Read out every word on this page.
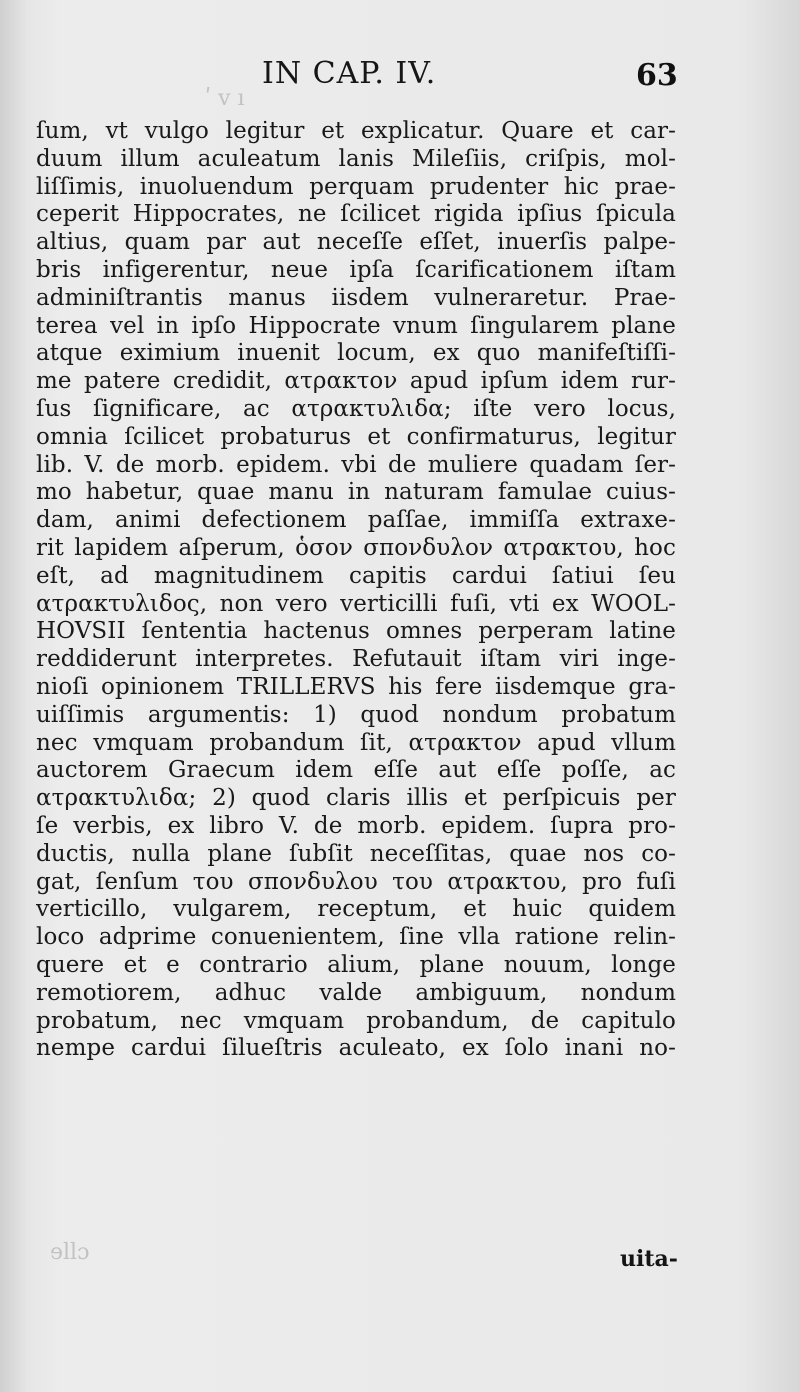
ʹ v ı
ɘllɔ
IN CAP. IV.	63
ſum, vt vulgo legitur et explicatur. Quare et car-
duum illum aculeatum lanis Mileſiis, criſpis, mol-
liſſimis, inuoluendum perquam prudenter hic prae-
ceperit Hippocrates, ne ſcilicet rigida ipſius ſpicula
altius, quam par aut neceſſe eſſet, inuerſis palpe-
bris infigerentur, neue ipſa ſcarificationem iſtam
adminiſtrantis manus iisdem vulneraretur. Prae-
terea vel in ipſo Hippocrate vnum ſingularem plane
atque eximium inuenit locum, ex quo manifeſtiſſi-
me patere credidit, ατρακτον apud ipſum idem rur-
ſus ſignificare, ac ατρακτυλιδα; iſte vero locus,
omnia ſcilicet probaturus et confirmaturus, legitur
lib. V. de morb. epidem. vbi de muliere quadam ſer-
mo habetur, quae manu in naturam famulae cuius-
dam, animi defectionem paſſae, immiſſa extraxe-
rit lapidem aſperum, ὁσον σπονδυλον ατρακτου, hoc
eſt, ad magnitudinem capitis cardui ſatiui ſeu
ατρακτυλιδος, non vero verticilli fuſi, vti ex WOOL-
HOVSII ſententia hactenus omnes perperam latine
reddiderunt interpretes. Refutauit iſtam viri inge-
nioſi opinionem TRILLERVS his fere iisdemque gra-
uiſſimis argumentis: 1) quod nondum probatum
nec vmquam probandum ſit, ατρακτον apud vllum
auctorem Graecum idem eſſe aut eſſe poſſe, ac
ατρακτυλιδα; 2) quod claris illis et perſpicuis per
ſe verbis, ex libro V. de morb. epidem. ſupra pro-
ductis, nulla plane ſubſit neceſſitas, quae nos co-
gat, ſenſum του σπονδυλου του ατρακτου, pro fuſi
verticillo, vulgarem, receptum, et huic quidem
loco adprime conuenientem, ſine vlla ratione relin-
quere et e contrario alium, plane nouum, longe
remotiorem, adhuc valde ambiguum, nondum
probatum, nec vmquam probandum, de capitulo
nempe cardui ſilueſtris aculeato, ex ſolo inani no-
uita-
